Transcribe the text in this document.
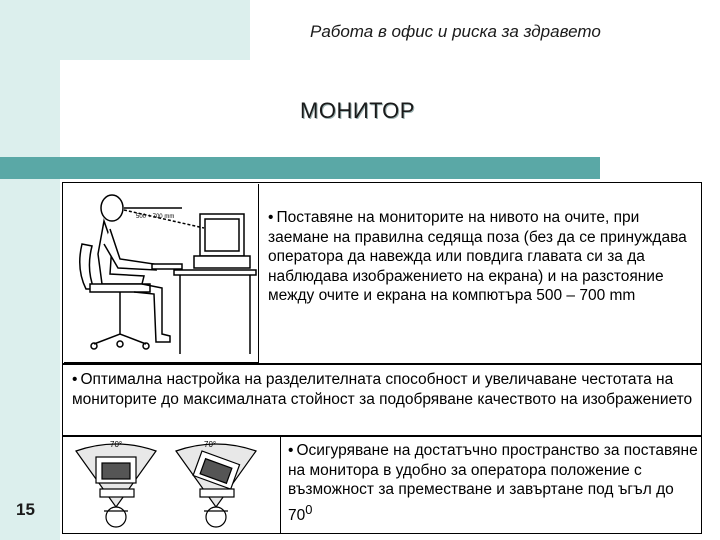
Работа в офис и риска за здравето
МОНИТОР
500 ÷ 700 mm	• Поставяне на мониторите на нивото на очите, при заемане на правилна седяща поза (без да се принуждава оператора да навежда или повдига главата си за да наблюдава изображението на екрана) и на разстояние между очите и екрана на компютъра 500 – 700 mm
• Оптимална настройка на разделителната способност и увеличаване честотата на мониторите до максималната стойност за подобряване качеството на изображението
70°	70°	• Осигуряване на достатъчно пространство за поставяне на монитора в удобно за оператора положение с възможност за преместване и завъртане под ъгъл до $70^0$
15
